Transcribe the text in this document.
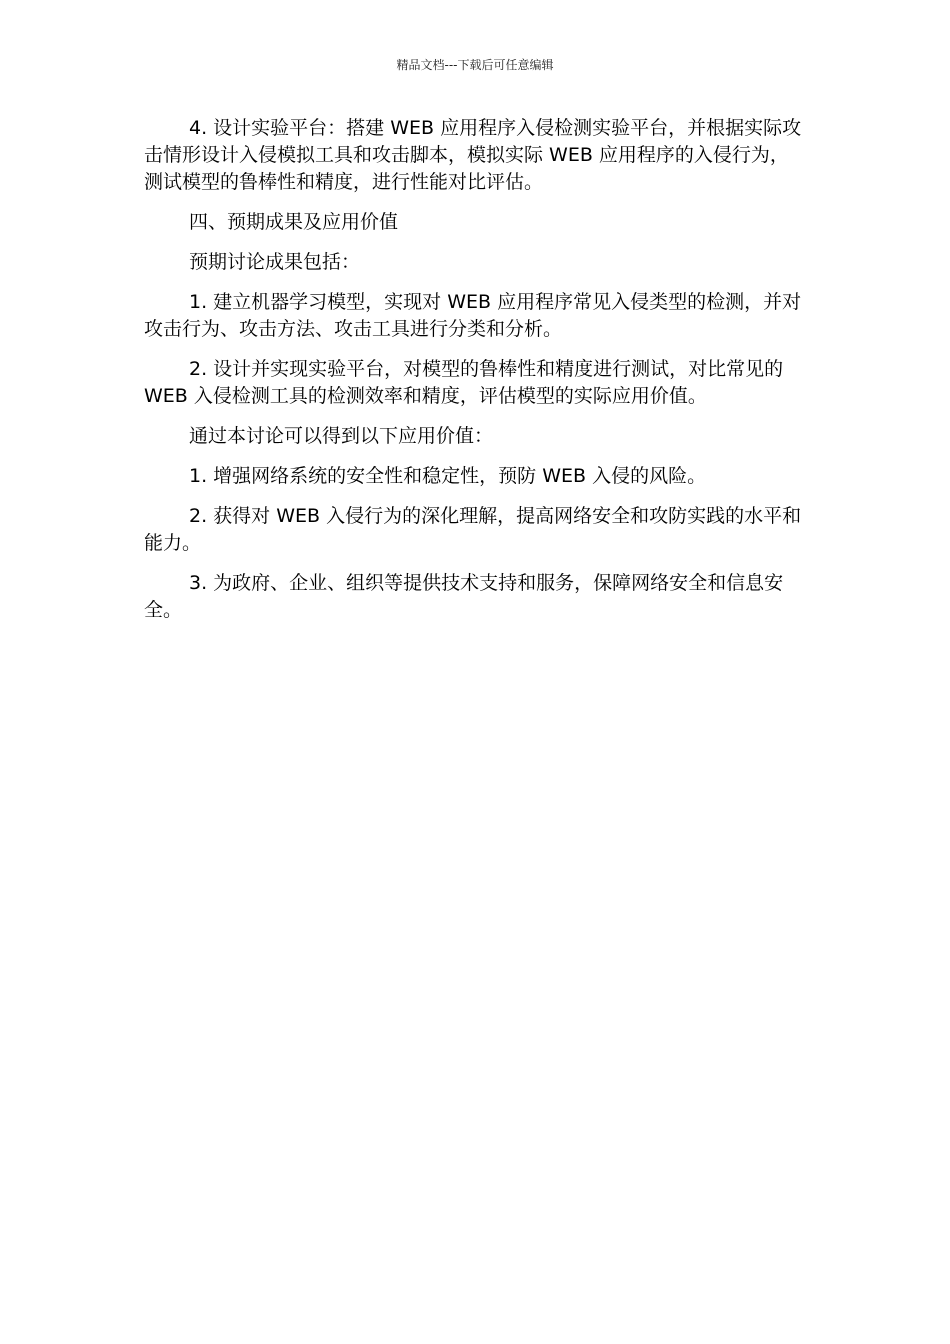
精品文档---下载后可任意编辑

4. 设计实验平台：搭建 WEB 应用程序入侵检测实验平台，并根据实际攻击情形设计入侵模拟工具和攻击脚本，模拟实际 WEB 应用程序的入侵行为，测试模型的鲁棒性和精度，进行性能对比评估。

四、预期成果及应用价值

预期讨论成果包括：

1. 建立机器学习模型，实现对 WEB 应用程序常见入侵类型的检测，并对攻击行为、攻击方法、攻击工具进行分类和分析。

2. 设计并实现实验平台，对模型的鲁棒性和精度进行测试，对比常见的 WEB 入侵检测工具的检测效率和精度，评估模型的实际应用价值。

通过本讨论可以得到以下应用价值：

1. 增强网络系统的安全性和稳定性，预防 WEB 入侵的风险。

2. 获得对 WEB 入侵行为的深化理解，提高网络安全和攻防实践的水平和能力。

3. 为政府、企业、组织等提供技术支持和服务，保障网络安全和信息安全。
